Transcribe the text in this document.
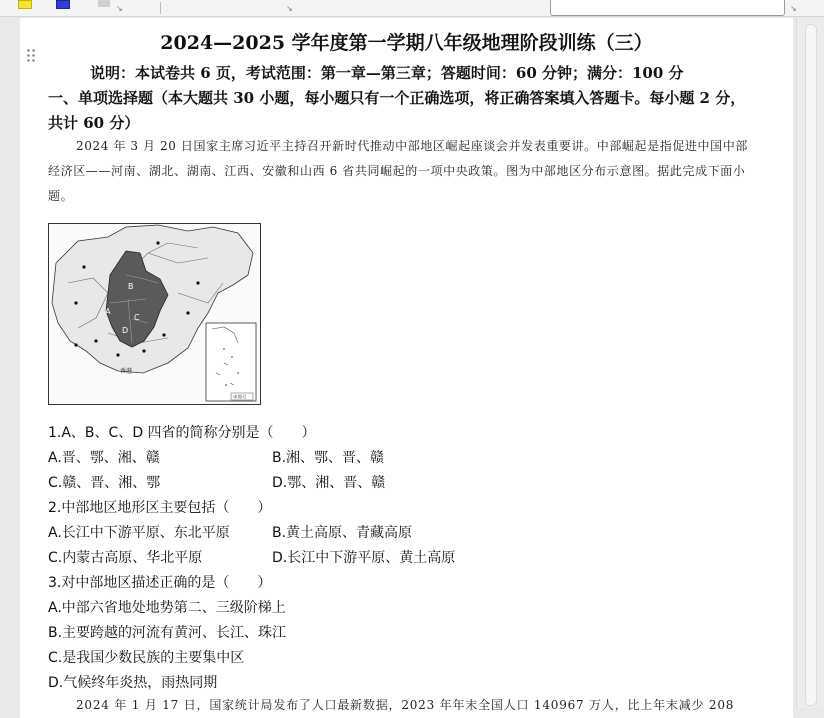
↘	↘	↘
2024—2025 学年度第一学期八年级地理阶段训练（三）
说明：本试卷共 6 页，考试范围：第一章—第三章；答题时间：60 分钟；满分：100 分
一、单项选择题（本大题共 30 小题，每小题只有一个正确选项，将正确答案填入答题卡。每小题 2 分，共计 60 分）
2024 年 3 月 20 日国家主席习近平主持召开新时代推动中部地区崛起座谈会并发表重要讲。中部崛起是指促进中国中部经济区——河南、湖北、湖南、江西、安徽和山西 6 省共同崛起的一项中央政策。图为中部地区分布示意图。据此完成下面小题。
A
B
C
D
香港
审图号
1.A、B、C、D 四省的简称分别是（　　）
A.晋、鄂、湘、赣	B.湘、鄂、晋、赣
C.赣、晋、湘、鄂	D.鄂、湘、晋、赣
2.中部地区地形区主要包括（　　）
A.长江中下游平原、东北平原	B.黄土高原、青藏高原
C.内蒙古高原、华北平原	D.长江中下游平原、黄土高原
3.对中部地区描述正确的是（　　）
A.中部六省地处地势第二、三级阶梯上
B.主要跨越的河流有黄河、长江、珠江
C.是我国少数民族的主要集中区
D.气候终年炎热，雨热同期
2024 年 1 月 17 日，国家统计局发布了人口最新数据，2023 年年末全国人口 140967 万人，比上年末减少 208
